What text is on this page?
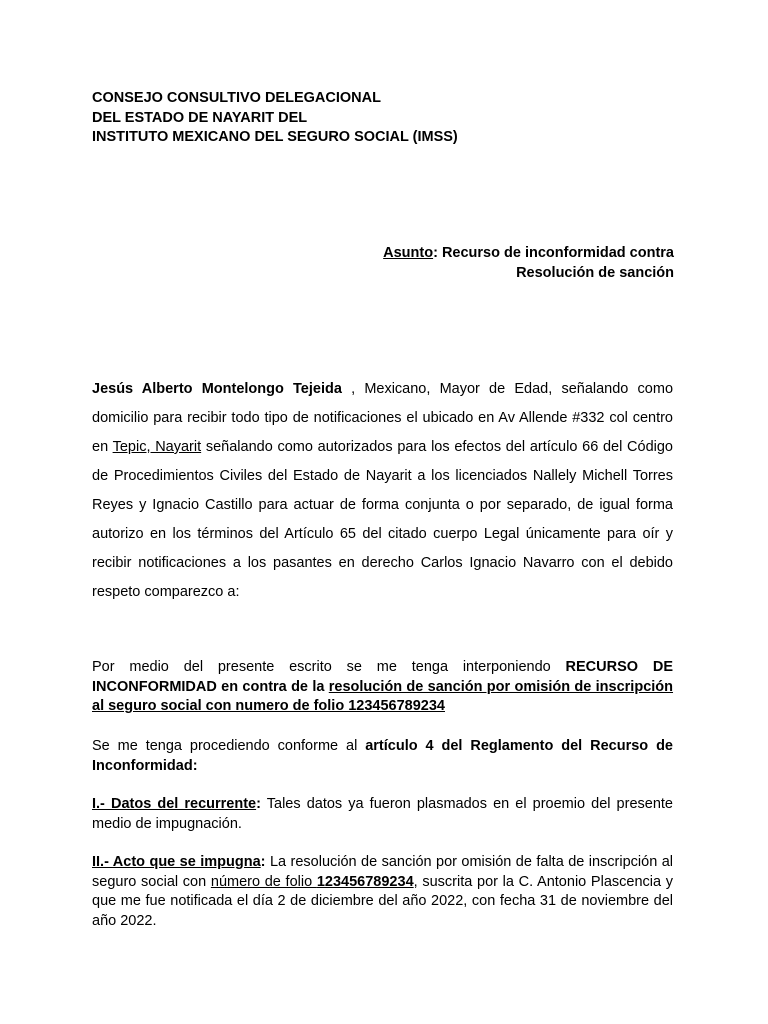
CONSEJO CONSULTIVO DELEGACIONAL
DEL ESTADO DE NAYARIT DEL
INSTITUTO MEXICANO DEL SEGURO SOCIAL (IMSS)
Asunto: Recurso de inconformidad contra
Resolución de sanción
Jesús Alberto Montelongo Tejeida , Mexicano, Mayor de Edad, señalando como domicilio para recibir todo tipo de notificaciones el ubicado en Av Allende #332 col centro en Tepic, Nayarit señalando como autorizados para los efectos del artículo 66 del Código de Procedimientos Civiles del Estado de Nayarit a los licenciados Nallely Michell Torres Reyes y Ignacio Castillo para actuar de forma conjunta o por separado, de igual forma autorizo en los términos del Artículo 65 del citado cuerpo Legal únicamente para oír y recibir notificaciones a los pasantes en derecho Carlos Ignacio Navarro con el debido respeto comparezco a:
Por medio del presente escrito se me tenga interponiendo RECURSO DE INCONFORMIDAD en contra de la resolución de sanción por omisión de inscripción al seguro social con numero de folio 123456789234
Se me tenga procediendo conforme al artículo 4 del Reglamento del Recurso de Inconformidad:
I.- Datos del recurrente: Tales datos ya fueron plasmados en el proemio del presente medio de impugnación.
II.- Acto que se impugna: La resolución de sanción por omisión de falta de inscripción al seguro social con número de folio 123456789234, suscrita por la C. Antonio Plascencia y que me fue notificada el día 2 de diciembre del año 2022, con fecha 31 de noviembre del año 2022.
